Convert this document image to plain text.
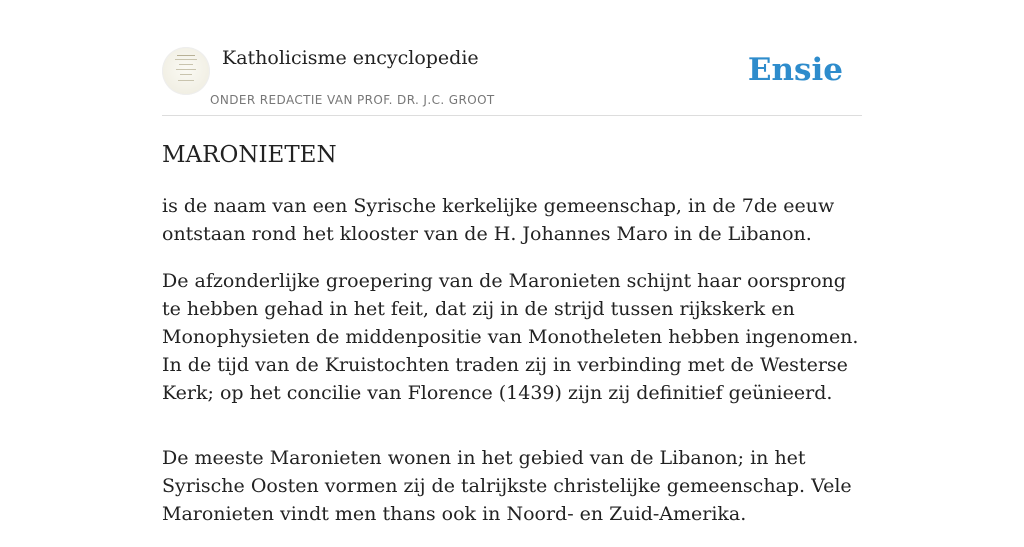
Katholicisme encyclopedie
ONDER REDACTIE VAN PROF. DR. J.C. GROOT
Ensie
MARONIETEN

is de naam van een Syrische kerkelijke gemeenschap, in de 7de eeuw ontstaan rond het klooster van de H. Johannes Maro in de Libanon.

De afzonderlijke groepering van de Maronieten schijnt haar oorsprong te hebben gehad in het feit, dat zij in de strijd tussen rijkskerk en Monophysieten de middenpositie van Monotheleten hebben ingenomen. In de tijd van de Kruistochten traden zij in verbinding met de Westerse Kerk; op het concilie van Florence (1439) zijn zij definitief geünieerd.

De meeste Maronieten wonen in het gebied van de Libanon; in het Syrische Oosten vormen zij de talrijkste christelijke gemeenschap. Vele Maronieten vindt men thans ook in Noord- en Zuid-Amerika.
